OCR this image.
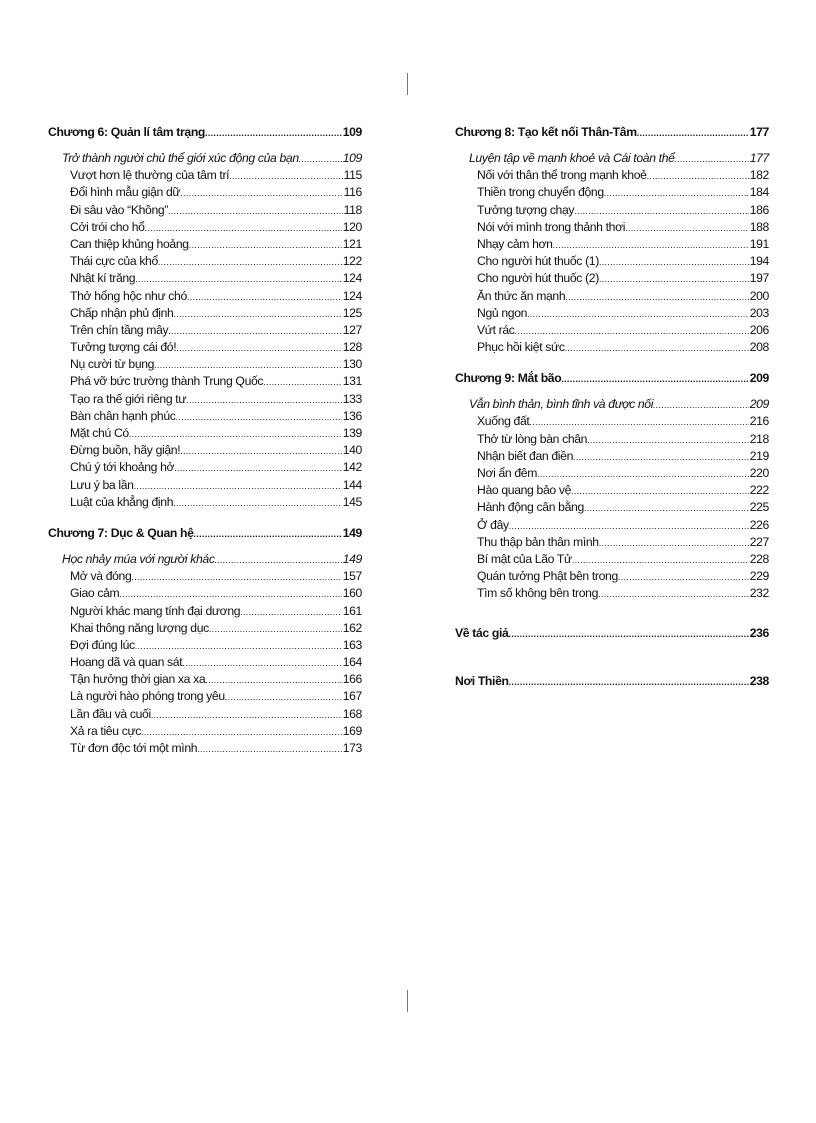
Chương 6: Quản lí tâm trạng .....	109
Trở thành người chủ thể giới xúc động của bạn .....	109
Vượt hơn lệ thường của tâm trí .....	115
Đổi hình mẫu giận dữ .....	116
Đi sâu vào “Không” .....	118
Cởi trói cho hổ .....	120
Can thiệp khủng hoảng .....	121
Thái cực của khổ .....	122
Nhật kí trăng .....	124
Thở hổng hộc như chó .....	124
Chấp nhận phủ định .....	125
Trên chín tầng mây .....	127
Tưởng tượng cái đó! .....	128
Nụ cười từ bụng .....	130
Phá vỡ bức trường thành Trung Quốc .....	131
Tạo ra thế giới riêng tư .....	133
Bàn chân hạnh phúc .....	136
Mặt chú Có .....	139
Đừng buồn, hãy giận! .....	140
Chú ý tới khoảng hở .....	142
Lưu ý ba lần .....	144
Luật của khẳng định .....	145
Chương 7: Dục & Quan hệ .....	149
Học nhảy múa với người khác .....	149
Mở và đóng .....	157
Giao cảm .....	160
Người khác mang tính đại dương .....	161
Khai thông năng lượng dục .....	162
Đợi đúng lúc .....	163
Hoang dã và quan sát .....	164
Tận hưởng thời gian xa xa .....	166
Là người hào phóng trong yêu .....	167
Lần đầu và cuối .....	168
Xả ra tiêu cực .....	169
Từ đơn độc tới một mình .....	173
Chương 8: Tạo kết nối Thân-Tâm .....	177
Luyện tập về mạnh khoẻ và Cái toàn thể .....	177
Nối với thân thể trong mạnh khoẻ .....	182
Thiền trong chuyển động .....	184
Tưởng tượng chạy .....	186
Nói với mình trong thảnh thơi .....	188
Nhạy cảm hơn .....	191
Cho người hút thuốc (1) .....	194
Cho người hút thuốc (2) .....	197
Ăn thức ăn mạnh .....	200
Ngủ ngon .....	203
Vứt rác .....	206
Phục hồi kiệt sức .....	208
Chương 9: Mắt bão .....	209
Vẫn bình thản, bình tĩnh và được nối .....	209
Xuống đất .....	216
Thở từ lòng bàn chân .....	218
Nhận biết đan điền .....	219
Nơi ẩn đêm .....	220
Hào quang bảo vệ .....	222
Hành động cân bằng .....	225
Ở đây .....	226
Thu thập bản thân mình .....	227
Bí mật của Lão Tử .....	228
Quán tưởng Phật bên trong .....	229
Tìm số không bên trong .....	232
Về tác giả .....	236
Nơi Thiền .....	238
